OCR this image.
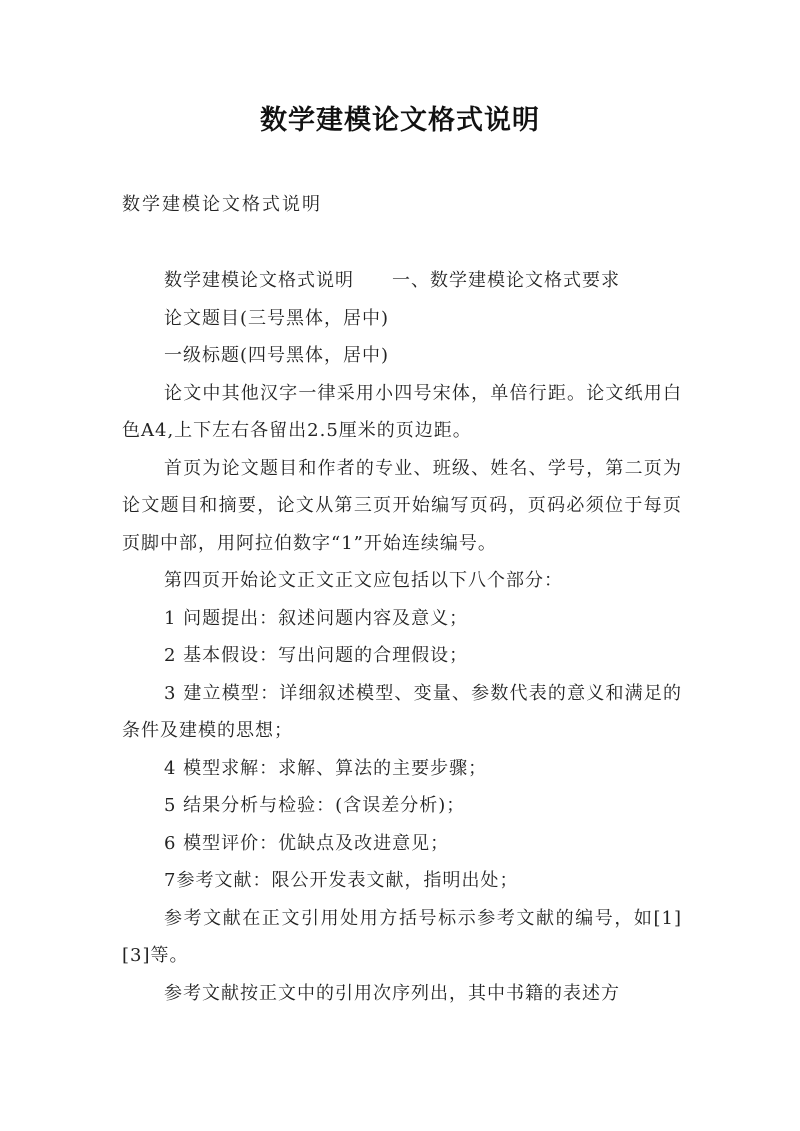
数学建模论文格式说明
数学建模论文格式说明

数学建模论文格式说明 一、数学建模论文格式要求

论文题目(三号黑体，居中)

一级标题(四号黑体，居中)

论文中其他汉字一律采用小四号宋体，单倍行距。论文纸用白色A4,上下左右各留出2.5厘米的页边距。

首页为论文题目和作者的专业、班级、姓名、学号，第二页为论文题目和摘要，论文从第三页开始编写页码，页码必须位于每页页脚中部，用阿拉伯数字“1”开始连续编号。

第四页开始论文正文正文应包括以下八个部分：

1 问题提出：叙述问题内容及意义；

2 基本假设：写出问题的合理假设；

3 建立模型：详细叙述模型、变量、参数代表的意义和满足的条件及建模的思想；

4 模型求解：求解、算法的主要步骤；

5 结果分析与检验：(含误差分析)；

6 模型评价：优缺点及改进意见；

7参考文献：限公开发表文献，指明出处；

参考文献在正文引用处用方括号标示参考文献的编号，如[1][3]等。

参考文献按正文中的引用次序列出，其中书籍的表述方
